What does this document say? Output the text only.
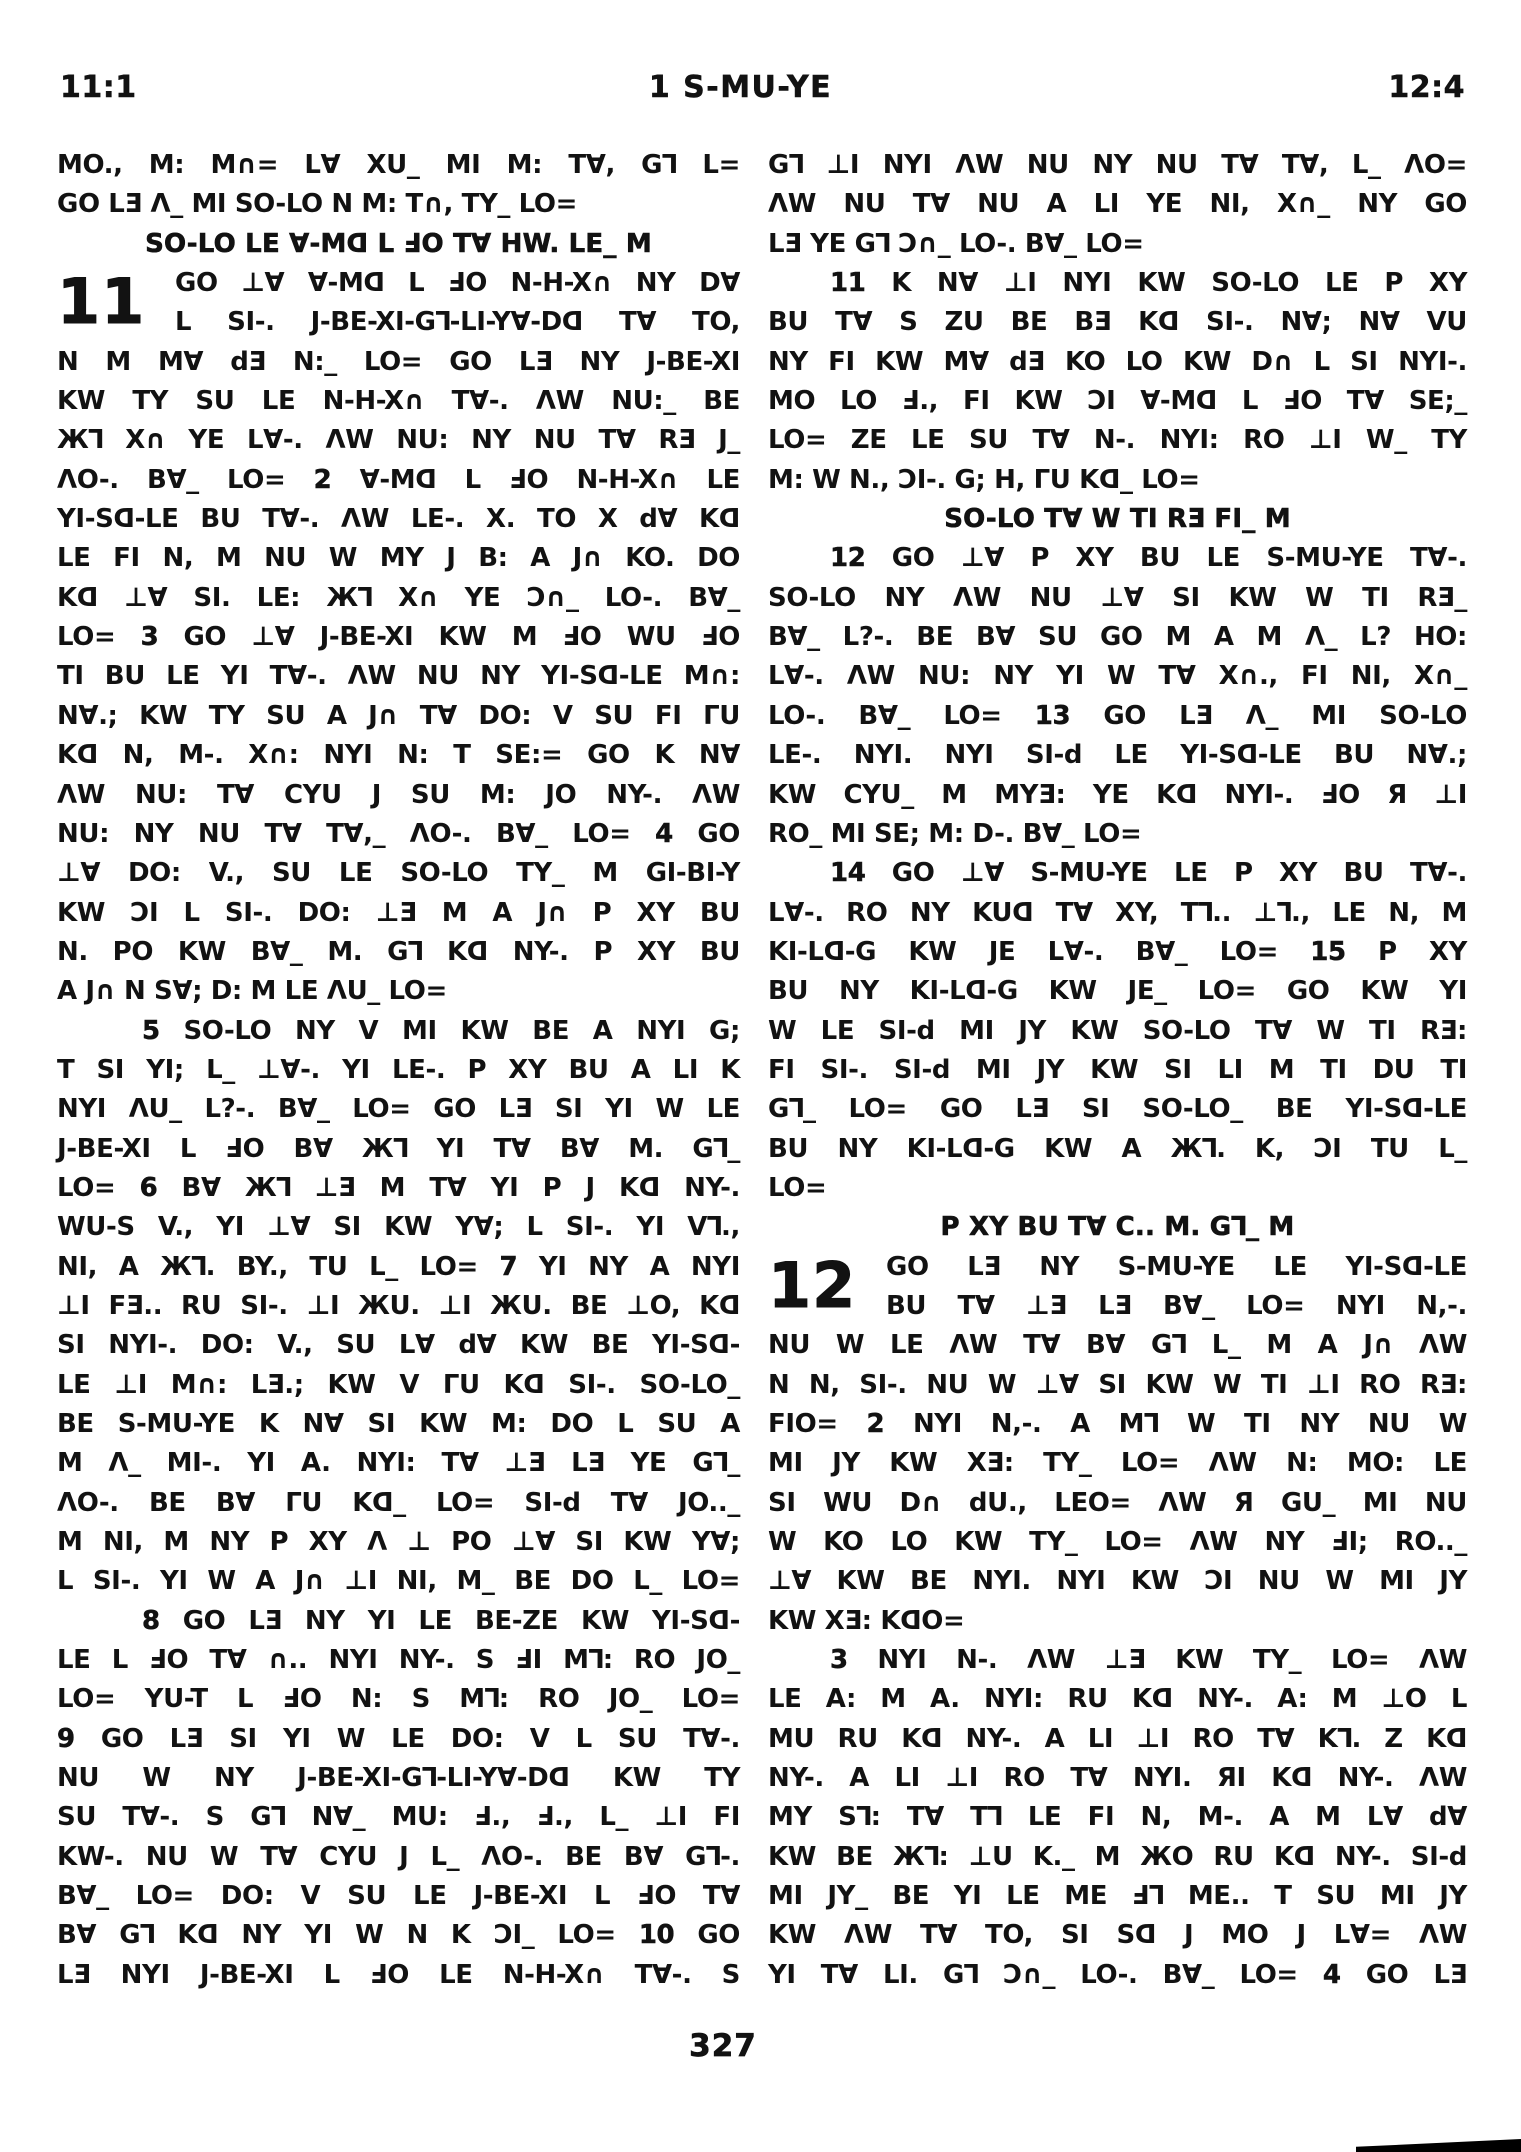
11:1	1 S-MU-YE	12:4
MO., M: M∩= L∀ XU_ MI M: T∀, G⅂ L=
GO LƎ Λ_ MI SO-LO N M: T∩, TY_ LO=
SO-LO LE ∀-Mᗡ L ℲO T∀ HW. LE_ M
11 GO ⊥∀ ∀-Mᗡ L ℲO N-H-X∩ NY D∀
L SI-. J-BE-XI-G⅂-LI-Y∀-Dᗡ T∀ TO,
N M M∀ dƎ N:_ LO= GO LƎ NY J-BE-XI
KW TY SU LE N-H-X∩ T∀-. ΛW NU:_ BE
Ж⅂ X∩ YE L∀-. ΛW NU: NY NU T∀ RƎ J_
ΛO-. B∀_ LO= 2 ∀-Mᗡ L ℲO N-H-X∩ LE
YI-Sᗡ-LE BU T∀-. ΛW LE-. X. TO X d∀ Kᗡ
LE FI N, M NU W MY J B: A J∩ KO. DO
Kᗡ ⊥∀ SI. LE: Ж⅂ X∩ YE Ɔ∩_ LO-. B∀_
LO= 3 GO ⊥∀ J-BE-XI KW M ℲO WU ℲO
TI BU LE YI T∀-. ΛW NU NY YI-Sᗡ-LE M∩:
N∀.; KW TY SU A J∩ T∀ DO: V SU FI ΓU
Kᗡ N, M-. X∩: NYI N: T SE:= GO K N∀
ΛW NU: T∀ CYU J SU M: JO NY-. ΛW
NU: NY NU T∀ T∀,_ ΛO-. B∀_ LO= 4 GO
⊥∀ DO: V., SU LE SO-LO TY_ M GI-BI-Y
KW ƆI L SI-. DO: ⊥Ǝ M A J∩ P XY BU
N. PO KW B∀_ M. G⅂ Kᗡ NY-. P XY BU
A J∩ N S∀; D: M LE ΛU_ LO=
5 SO-LO NY V MI KW BE A NYI G;
T SI YI; L_ ⊥∀-. YI LE-. P XY BU A LI K
NYI ΛU_ L?-. B∀_ LO= GO LƎ SI YI W LE
J-BE-XI L ℲO B∀ Ж⅂ YI T∀ B∀ M. G⅂_
LO= 6 B∀ Ж⅂ ⊥Ǝ M T∀ YI P J Kᗡ NY-.
WU-S V., YI ⊥∀ SI KW Y∀; L SI-. YI V⅂.,
NI, A Ж⅂. BY., TU L_ LO= 7 YI NY A NYI
⊥I FƎ.. RU SI-. ⊥I ЖU. ⊥I ЖU. BE ⊥O, Kᗡ
SI NYI-. DO: V., SU L∀ d∀ KW BE YI-Sᗡ-
LE ⊥I M∩: LƎ.; KW V ΓU Kᗡ SI-. SO-LO_
BE S-MU-YE K N∀ SI KW M: DO L SU A
M Λ_ MI-. YI A. NYI: T∀ ⊥Ǝ LƎ YE G⅂_
ΛO-. BE B∀ ΓU Kᗡ_ LO= SI-d T∀ JO.._
M NI, M NY P XY Λ ⊥ PO ⊥∀ SI KW Y∀;
L SI-. YI W A J∩ ⊥I NI, M_ BE DO L_ LO=
8 GO LƎ NY YI LE BE-ZE KW YI-Sᗡ-
LE L ℲO T∀ ∩.. NYI NY-. S ℲI M⅂: RO JO_
LO= YU-T L ℲO N: S M⅂: RO JO_ LO=
9 GO LƎ SI YI W LE DO: V L SU T∀-.
NU W NY J-BE-XI-G⅂-LI-Y∀-Dᗡ KW TY
SU T∀-. S G⅂ N∀_ MU: Ⅎ., Ⅎ., L_ ⊥I FI
KW-. NU W T∀ CYU J L_ ΛO-. BE B∀ G⅂-.
B∀_ LO= DO: V SU LE J-BE-XI L ℲO T∀
B∀ G⅂ Kᗡ NY YI W N K ƆI_ LO= 10 GO
LƎ NYI J-BE-XI L ℲO LE N-H-X∩ T∀-. S
G⅂ ⊥I NYI ΛW NU NY NU T∀ T∀, L_ ΛO=
ΛW NU T∀ NU A LI YE NI, X∩_ NY GO
LƎ YE G⅂ Ɔ∩_ LO-. B∀_ LO=
11 K N∀ ⊥I NYI KW SO-LO LE P XY
BU T∀ S ZU BE BƎ Kᗡ SI-. N∀; N∀ VU
NY FI KW M∀ dƎ KO LO KW D∩ L SI NYI-.
MO LO Ⅎ., FI KW ƆI ∀-Mᗡ L ℲO T∀ SE;_
LO= ZE LE SU T∀ N-. NYI: RO ⊥I W_ TY
M: W N., ƆI-. G; H, ΓU Kᗡ_ LO=
SO-LO T∀ W TI RƎ FI_ M
12 GO ⊥∀ P XY BU LE S-MU-YE T∀-.
SO-LO NY ΛW NU ⊥∀ SI KW W TI RƎ_
B∀_ L?-. BE B∀ SU GO M A M Λ_ L? HO:
L∀-. ΛW NU: NY YI W T∀ X∩., FI NI, X∩_
LO-. B∀_ LO= 13 GO LƎ Λ_ MI SO-LO
LE-. NYI. NYI SI-d LE YI-Sᗡ-LE BU N∀.;
KW CYU_ M MYƎ: YE Kᗡ NYI-. ℲO Я ⊥I
RO_ MI SE; M: D-. B∀_ LO=
14 GO ⊥∀ S-MU-YE LE P XY BU T∀-.
L∀-. RO NY KUᗡ T∀ XY, T⅂.. ⊥⅂., LE N, M
KI-Lᗡ-G KW JE L∀-. B∀_ LO= 15 P XY
BU NY KI-Lᗡ-G KW JE_ LO= GO KW YI
W LE SI-d MI JY KW SO-LO T∀ W TI RƎ:
FI SI-. SI-d MI JY KW SI LI M TI DU TI
G⅂_ LO= GO LƎ SI SO-LO_ BE YI-Sᗡ-LE
BU NY KI-Lᗡ-G KW A Ж⅂. K, ƆI TU L_
LO=
P XY BU T∀ C.. M. G⅂_ M
12 GO LƎ NY S-MU-YE LE YI-Sᗡ-LE
BU T∀ ⊥Ǝ LƎ B∀_ LO= NYI N,-.
NU W LE ΛW T∀ B∀ G⅂ L_ M A J∩ ΛW
N N, SI-. NU W ⊥∀ SI KW W TI ⊥I RO RƎ:
FIO= 2 NYI N,-. A M⅂ W TI NY NU W
MI JY KW XƎ: TY_ LO= ΛW N: MO: LE
SI WU D∩ dU., LEO= ΛW Я GU_ MI NU
W KO LO KW TY_ LO= ΛW NY ℲI; RO.._
⊥∀ KW BE NYI. NYI KW ƆI NU W MI JY
KW XƎ: KᗡO=
3 NYI N-. ΛW ⊥Ǝ KW TY_ LO= ΛW
LE A: M A. NYI: RU Kᗡ NY-. A: M ⊥O L
MU RU Kᗡ NY-. A LI ⊥I RO T∀ K⅂. Z Kᗡ
NY-. A LI ⊥I RO T∀ NYI. ЯI Kᗡ NY-. ΛW
MY S⅂: T∀ T⅂ LE FI N, M-. A M L∀ d∀
KW BE Ж⅂: ⊥U K._ M ЖO RU Kᗡ NY-. SI-d
MI JY_ BE YI LE ME Ⅎ⅂ ME.. T SU MI JY
KW ΛW T∀ TO, SI Sᗡ J MO J L∀= ΛW
YI T∀ LI. G⅂ Ɔ∩_ LO-. B∀_ LO= 4 GO LƎ
327
